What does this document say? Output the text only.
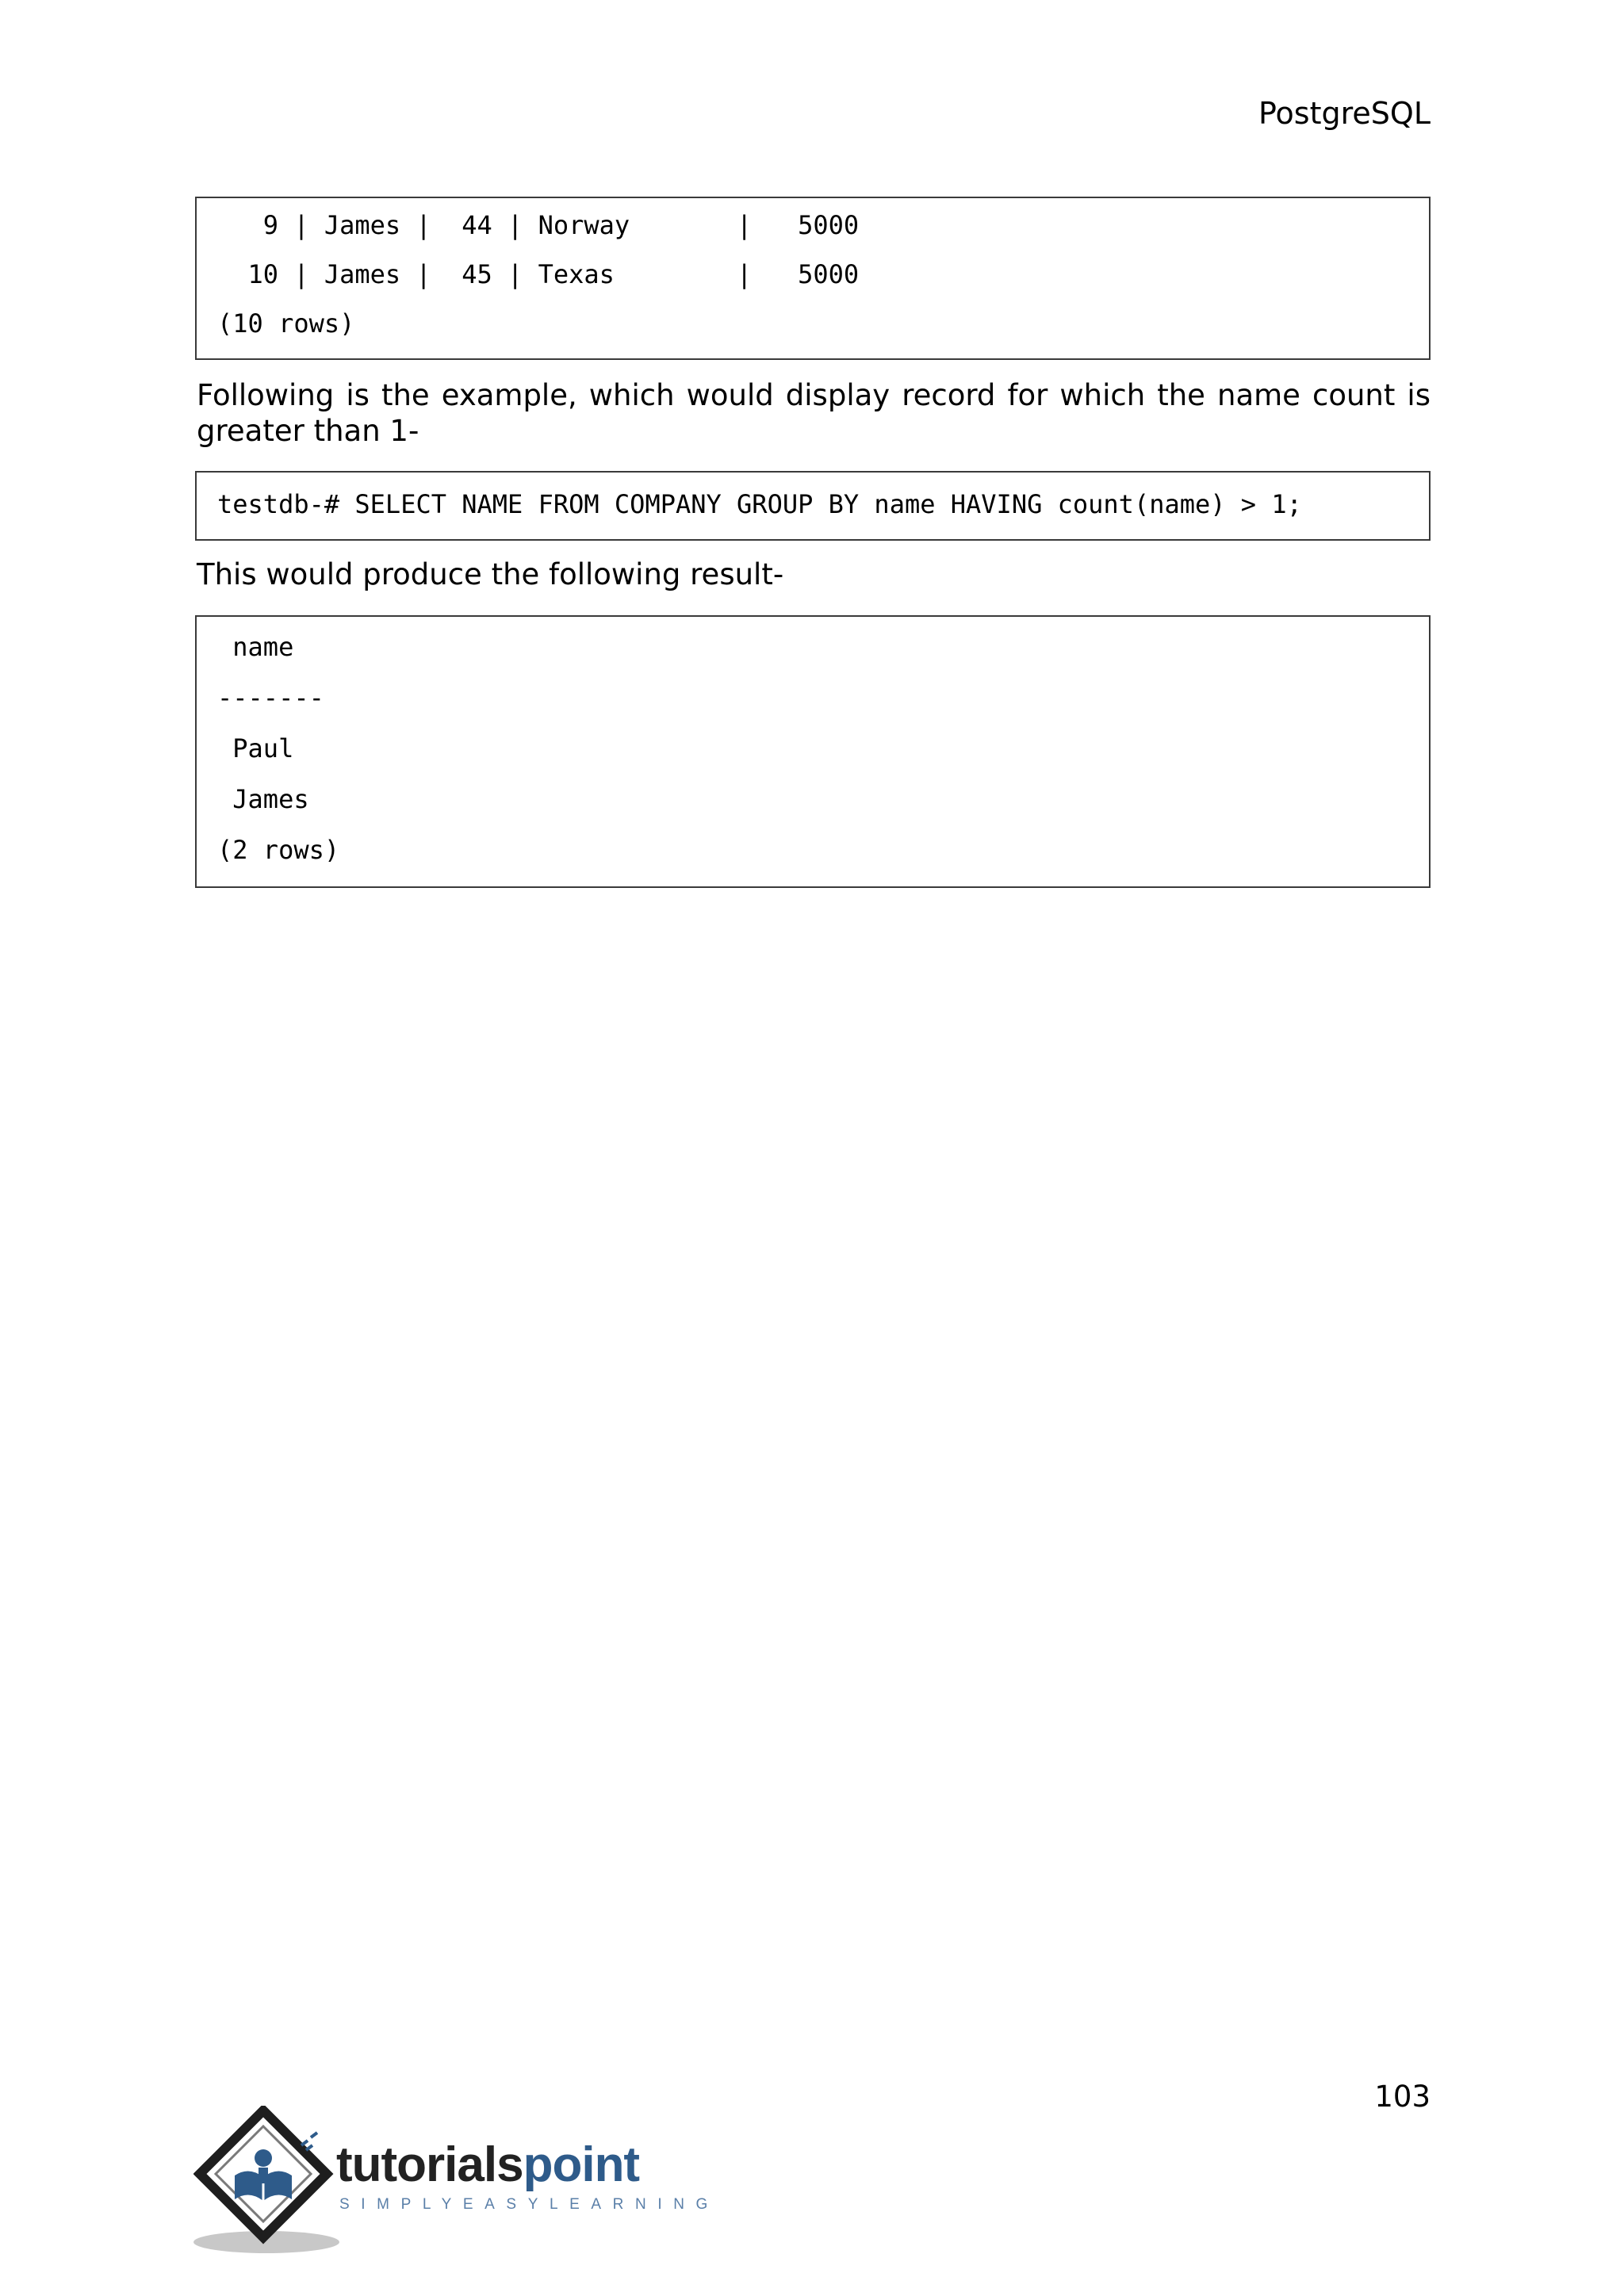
PostgreSQL

9 | James |  44 | Norway       |   5000

10 | James |  45 | Texas        |   5000

(10 rows)

Following is the example, which would display record for which the name count is greater than 1-

testdb-# SELECT NAME FROM COMPANY GROUP BY name HAVING count(name) > 1;

This would produce the following result-

name

-------

Paul

James

(2 rows)

103
tutorialspoint
SIMPLYEASYLEARNING
